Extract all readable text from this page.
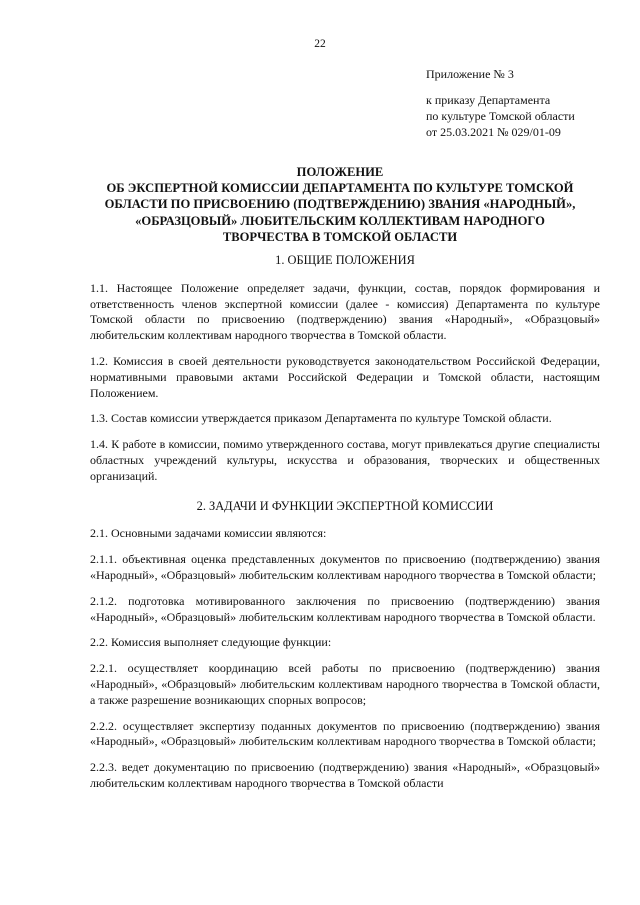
22
Приложение № 3
к приказу Департамента
по культуре Томской области
от 25.03.2021 № 029/01-09
ПОЛОЖЕНИЕ
ОБ ЭКСПЕРТНОЙ КОМИССИИ ДЕПАРТАМЕНТА ПО КУЛЬТУРЕ ТОМСКОЙ
ОБЛАСТИ ПО ПРИСВОЕНИЮ (ПОДТВЕРЖДЕНИЮ) ЗВАНИЯ «НАРОДНЫЙ»,
«ОБРАЗЦОВЫЙ» ЛЮБИТЕЛЬСКИМ КОЛЛЕКТИВАМ НАРОДНОГО
ТВОРЧЕСТВА В ТОМСКОЙ ОБЛАСТИ
1. ОБЩИЕ ПОЛОЖЕНИЯ

1.1. Настоящее Положение определяет задачи, функции, состав, порядок формирования и ответственность членов экспертной комиссии (далее - комиссия) Департамента по культуре Томской области по присвоению (подтверждению) звания «Народный», «Образцовый» любительским коллективам народного творчества в Томской области.

1.2. Комиссия в своей деятельности руководствуется законодательством Российской Федерации, нормативными правовыми актами Российской Федерации и Томской области, настоящим Положением.

1.3. Состав комиссии утверждается приказом Департамента по культуре Томской области.

1.4. К работе в комиссии, помимо утвержденного состава, могут привлекаться другие специалисты областных учреждений культуры, искусства и образования, творческих и общественных организаций.

2. ЗАДАЧИ И ФУНКЦИИ ЭКСПЕРТНОЙ КОМИССИИ

2.1. Основными задачами комиссии являются:

2.1.1. объективная оценка представленных документов по присвоению (подтверждению) звания «Народный», «Образцовый» любительским коллективам народного творчества в Томской области;

2.1.2. подготовка мотивированного заключения по присвоению (подтверждению) звания «Народный», «Образцовый» любительским коллективам народного творчества в Томской области.

2.2. Комиссия выполняет следующие функции:

2.2.1. осуществляет координацию всей работы по присвоению (подтверждению) звания «Народный», «Образцовый» любительским коллективам народного творчества в Томской области, а также разрешение возникающих спорных вопросов;

2.2.2. осуществляет экспертизу поданных документов по присвоению (подтверждению) звания «Народный», «Образцовый» любительским коллективам народного творчества в Томской области;

2.2.3. ведет документацию по присвоению (подтверждению) звания «Народный», «Образцовый» любительским коллективам народного творчества в Томской области
